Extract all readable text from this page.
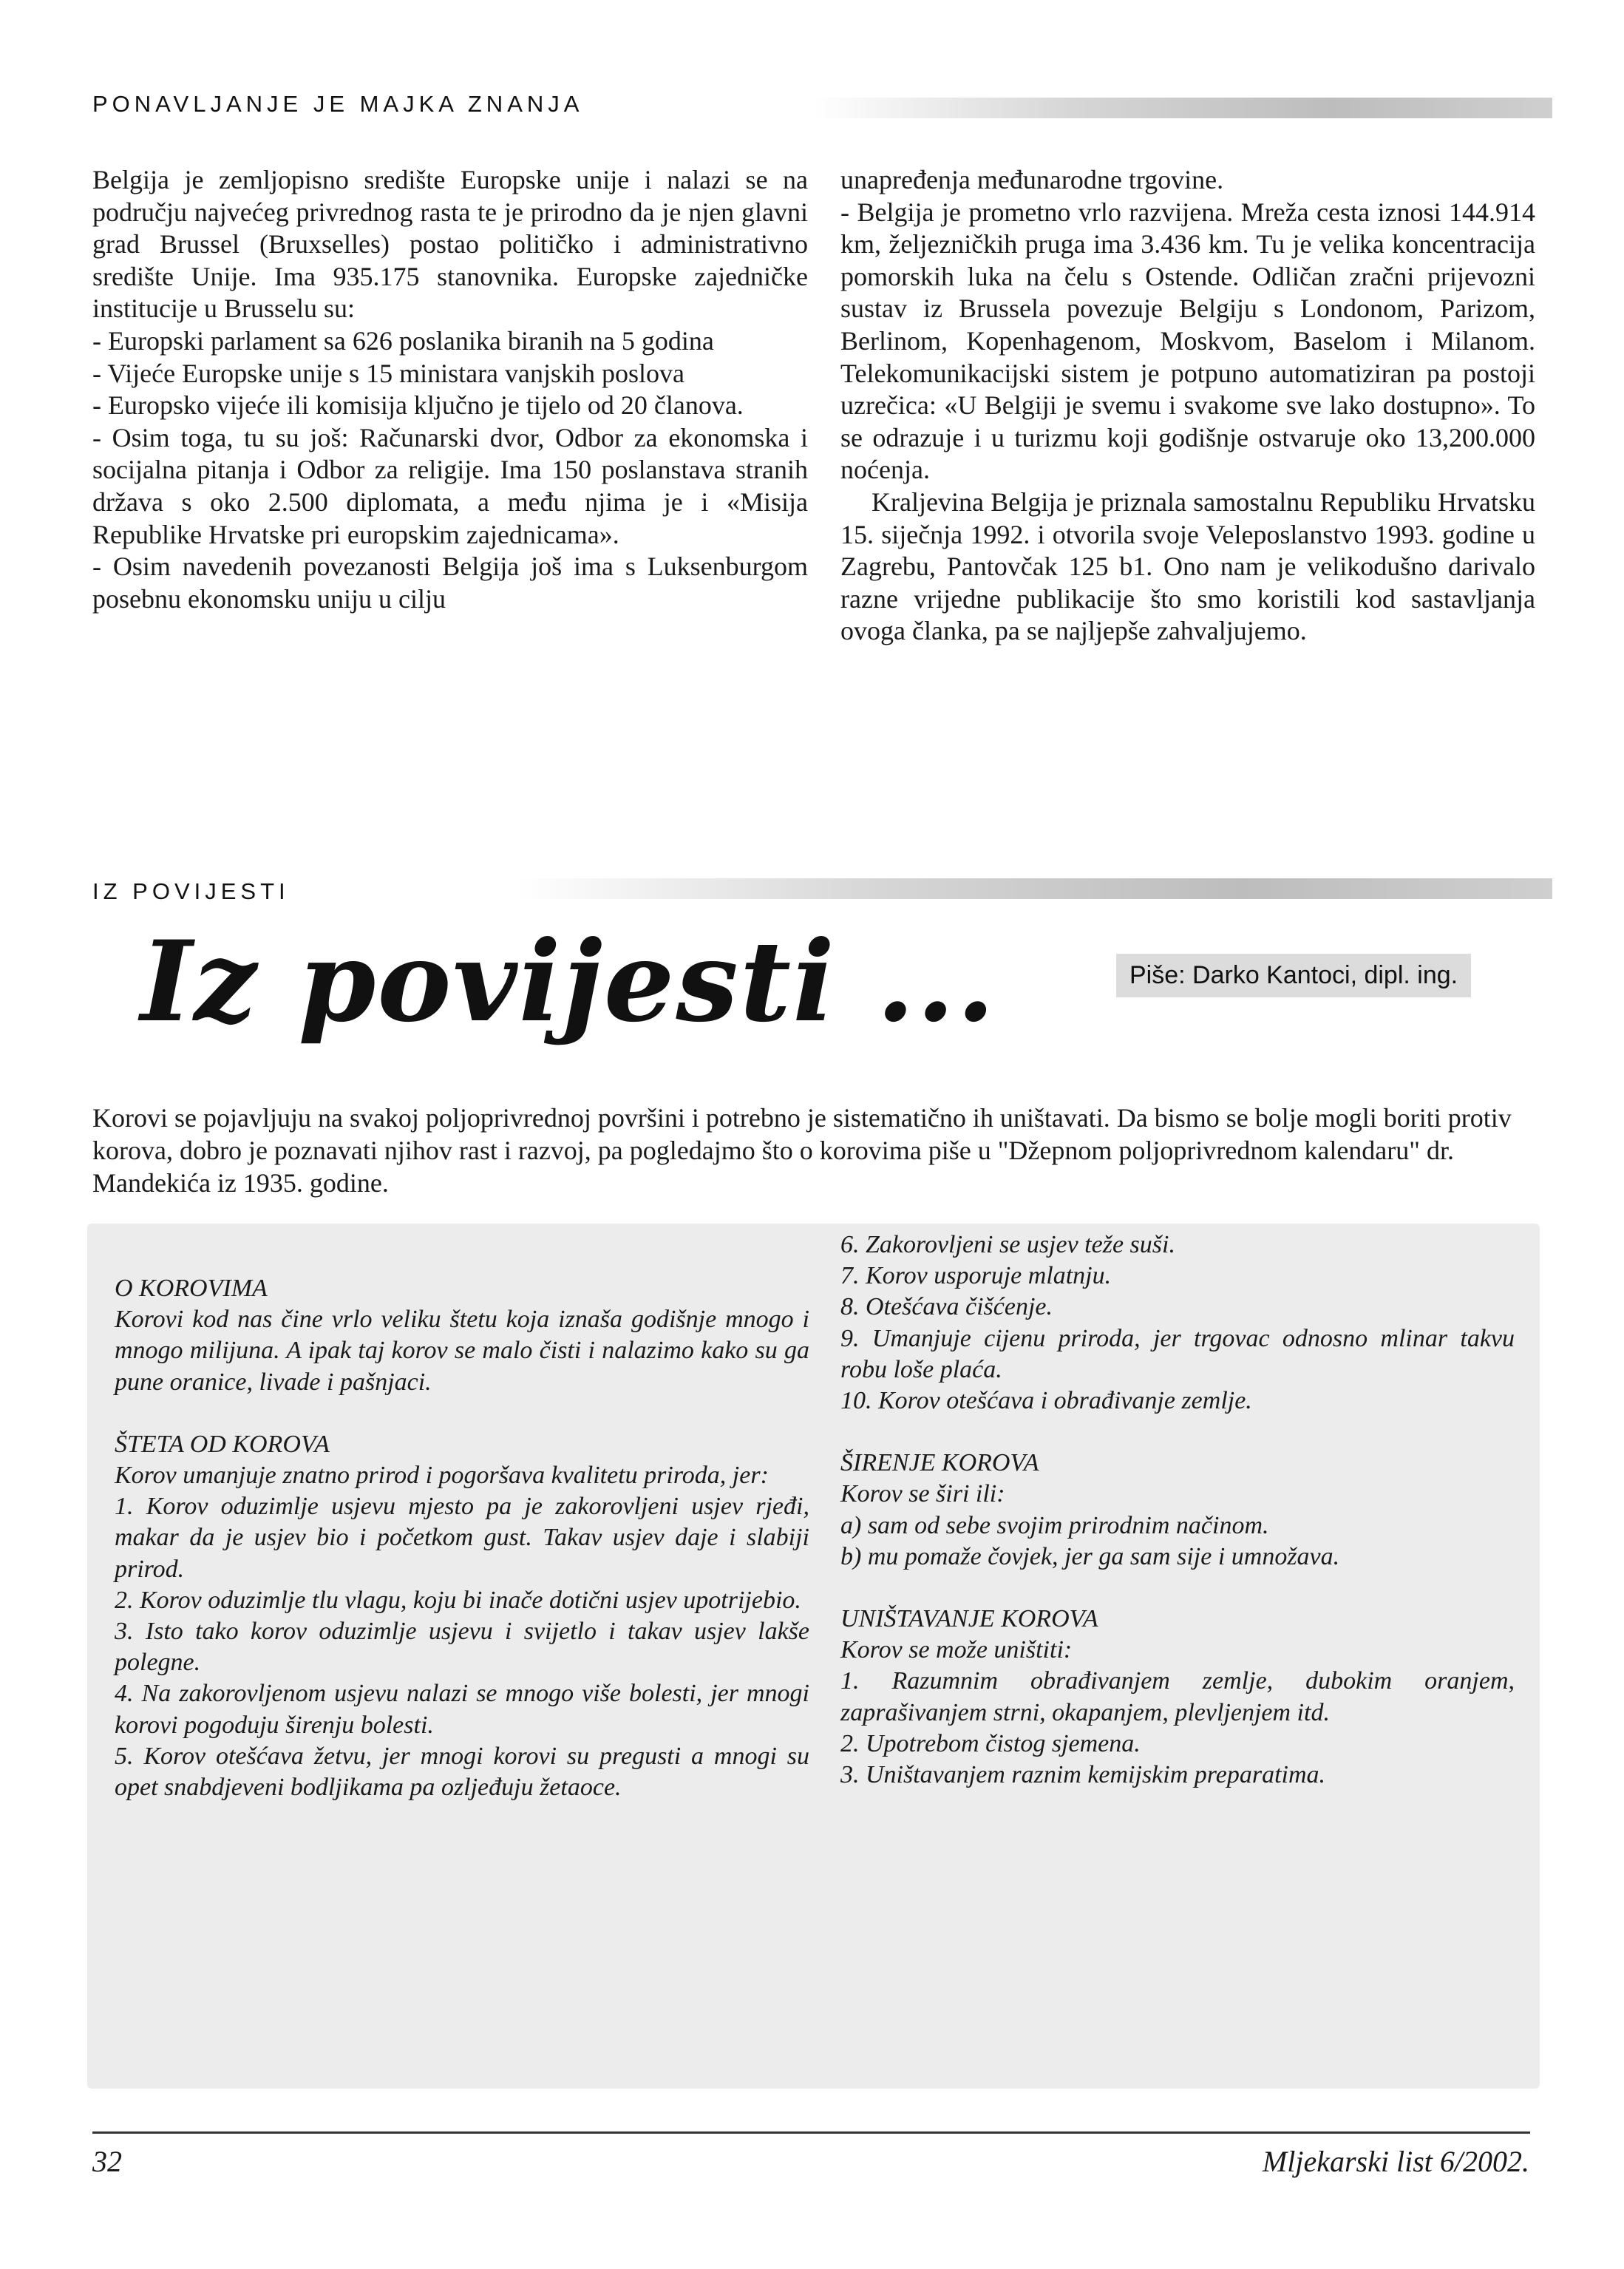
PONAVLJANJE JE MAJKA ZNANJA

Belgija je zemljopisno središte Europske unije i nalazi se na području najvećeg privrednog rasta te je prirodno da je njen glavni grad Brussel (Bruxselles) postao političko i administrativno središte Unije. Ima 935.175 stanovnika. Europske zajedničke institucije u Brusselu su:

- Europski parlament sa 626 poslanika biranih na 5 godina

- Vijeće Europske unije s 15 ministara vanjskih poslova

- Europsko vijeće ili komisija ključno je tijelo od 20 članova.

- Osim toga, tu su još: Računarski dvor, Odbor za ekonomska i socijalna pitanja i Odbor za religije. Ima 150 poslanstava stranih država s oko 2.500 diplomata, a među njima je i «Misija Republike Hrvatske pri europskim zajednicama».

- Osim navedenih povezanosti Belgija još ima s Luksenburgom posebnu ekonomsku uniju u cilju

unapređenja međunarodne trgovine.

- Belgija je prometno vrlo razvijena. Mreža cesta iznosi 144.914 km, željezničkih pruga ima 3.436 km. Tu je velika koncentracija pomorskih luka na čelu s Ostende. Odličan zračni prijevozni sustav iz Brussela povezuje Belgiju s Londonom, Parizom, Berlinom, Kopenhagenom, Moskvom, Baselom i Milanom. Telekomunikacijski sistem je potpuno automatiziran pa postoji uzrečica: «U Belgiji je svemu i svakome sve lako dostupno». To se odrazuje i u turizmu koji godišnje ostvaruje oko 13,200.000 noćenja.

Kraljevina Belgija je priznala samostalnu Republiku Hrvatsku 15. siječnja 1992. i otvorila svoje Veleposlanstvo 1993. godine u Zagrebu, Pantovčak 125 b1. Ono nam je velikodušno darivalo razne vrijedne publikacije što smo koristili kod sastavljanja ovoga članka, pa se najljepše zahvaljujemo.

IZ POVIJESTI
Iz povijesti ...	Piše: Darko Kantoci, dipl. ing.
Korovi se pojavljuju na svakoj poljoprivrednoj površini i potrebno je sistematično ih uništavati. Da bismo se bolje mogli boriti protiv korova, dobro je poznavati njihov rast i razvoj, pa pogledajmo što o korovima piše u "Džepnom poljoprivrednom kalendaru" dr. Mandekića iz 1935. godine.

O KOROVIMA

Korovi kod nas čine vrlo veliku štetu koja iznaša godišnje mnogo i mnogo milijuna. A ipak taj korov se malo čisti i nalazimo kako su ga pune oranice, livade i pašnjaci.

ŠTETA OD KOROVA

Korov umanjuje znatno prirod i pogoršava kvalitetu priroda, jer:

1. Korov oduzimlje usjevu mjesto pa je zakorovljeni usjev rjeđi, makar da je usjev bio i početkom gust. Takav usjev daje i slabiji prirod.

2. Korov oduzimlje tlu vlagu, koju bi inače dotični usjev upotrijebio.

3. Isto tako korov oduzimlje usjevu i svijetlo i takav usjev lakše polegne.

4. Na zakorovljenom usjevu nalazi se mnogo više bolesti, jer mnogi korovi pogoduju širenju bolesti.

5. Korov otešćava žetvu, jer mnogi korovi su pregusti a mnogi su opet snabdjeveni bodljikama pa ozljeđuju žetaoce.

6. Zakorovljeni se usjev teže suši.

7. Korov usporuje mlatnju.

8. Otešćava čišćenje.

9. Umanjuje cijenu priroda, jer trgovac odnosno mlinar takvu robu loše plaća.

10. Korov otešćava i obrađivanje zemlje.

ŠIRENJE KOROVA

Korov se širi ili:

a) sam od sebe svojim prirodnim načinom.

b) mu pomaže čovjek, jer ga sam sije i umnožava.

UNIŠTAVANJE KOROVA

Korov se može uništiti:

1. Razumnim obrađivanjem zemlje, dubokim oranjem, zaprašivanjem strni, okapanjem, plevljenjem itd.

2. Upotrebom čistog sjemena.

3. Uništavanjem raznim kemijskim preparatima.

32	Mljekarski list 6/2002.
